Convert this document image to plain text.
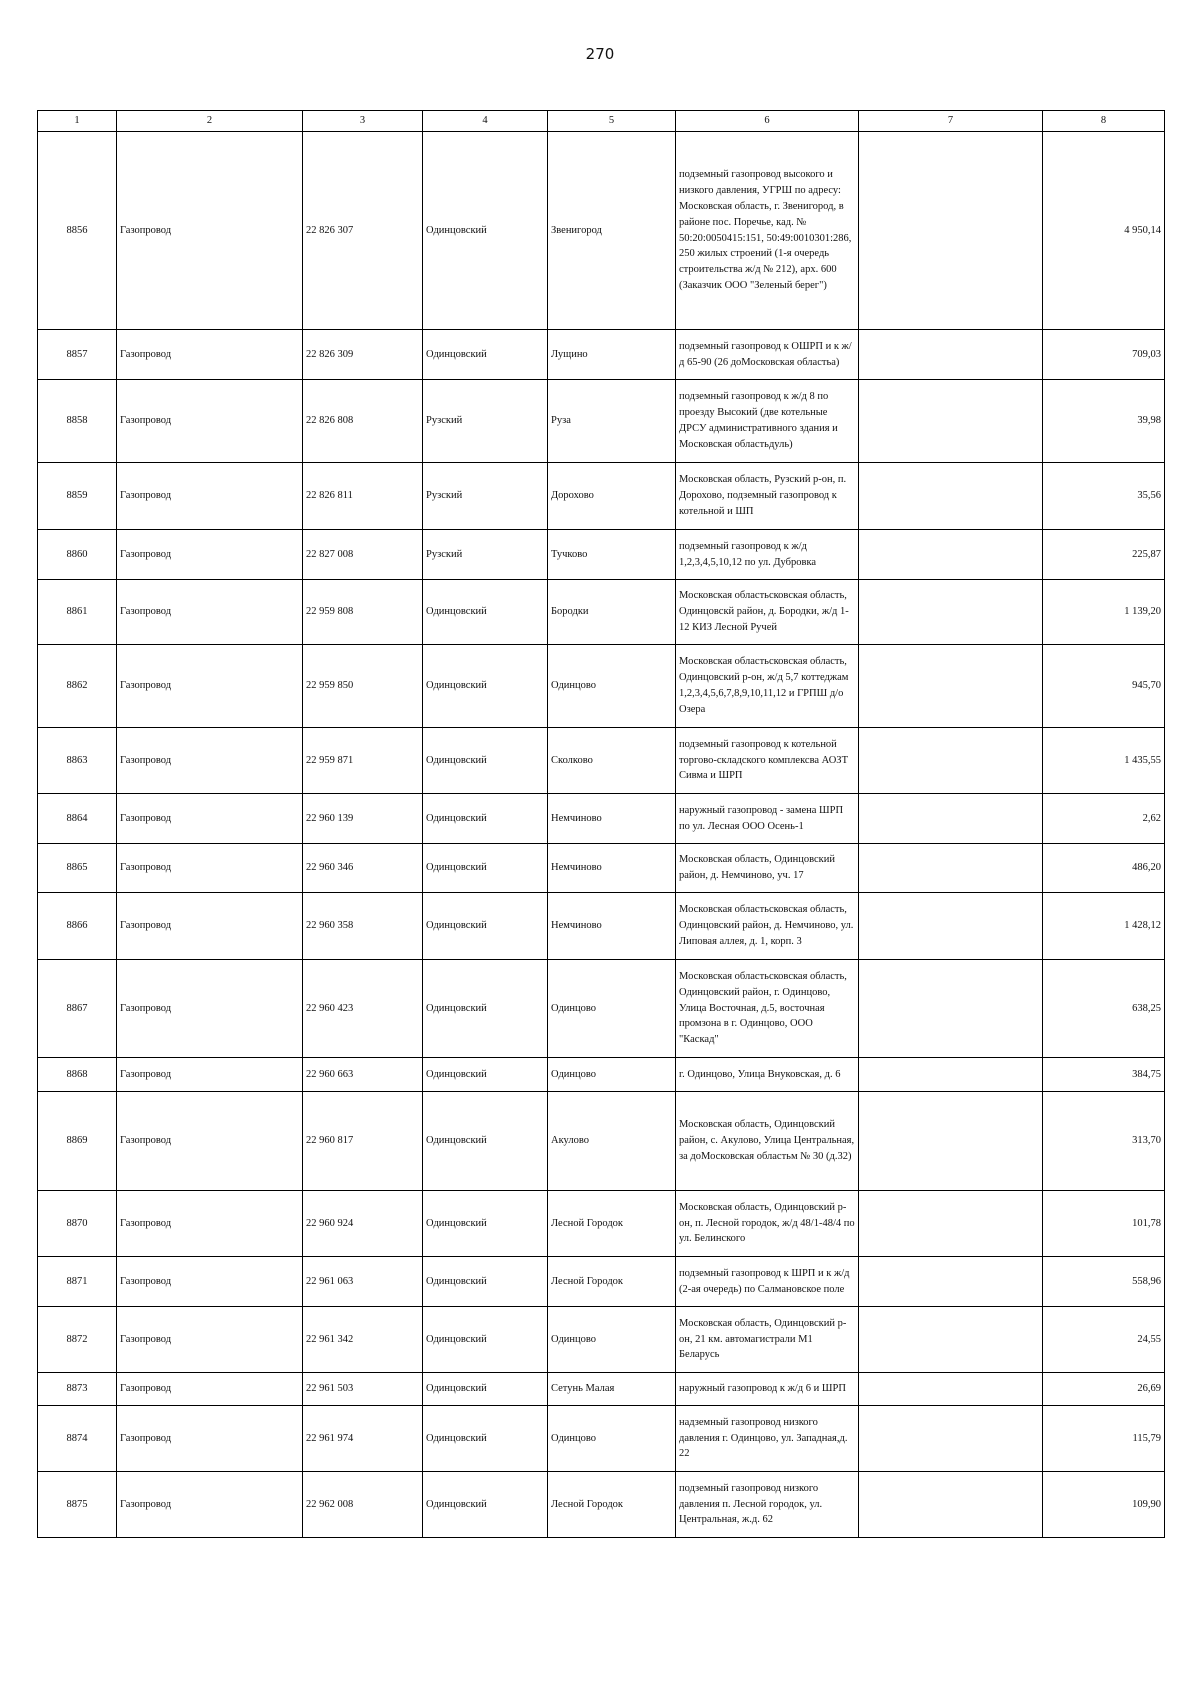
270
1	2	3	4	5	6	7	8
8856	Газопровод	22 826 307	Одинцовский	Звенигород	подземный газопровод высокого и низкого давления, УГРШ по адресу: Московская область, г. Звенигород, в районе пос. Поречье, кад. № 50:20:0050415:151, 50:49:0010301:286, 250 жилых строений (1-я очередь строительства ж/д № 212), арх. 600 (Заказчик ООО "Зеленый берег")		4 950,14
8857	Газопровод	22 826 309	Одинцовский	Лущино	подземный газопровод к ОШРП и к ж/д 65-90 (26 доМосковская областьа)		709,03
8858	Газопровод	22 826 808	Рузский	Руза	подземный газопровод к ж/д 8 по проезду Высокий (две котельные ДРСУ административного здания и Московская областьдуль)		39,98
8859	Газопровод	22 826 811	Рузский	Дорохово	Московская область, Рузский р-он, п. Дорохово, подземный газопровод к котельной и ШП		35,56
8860	Газопровод	22 827 008	Рузский	Тучково	подземный газопровод к ж/д 1,2,3,4,5,10,12 по ул. Дубровка		225,87
8861	Газопровод	22 959 808	Одинцовский	Бородки	Московская областьсковская область, Одинцовскй район, д. Бородки, ж/д 1-12 КИЗ Лесной Ручей		1 139,20
8862	Газопровод	22 959 850	Одинцовский	Одинцово	Московская областьсковская область, Одинцовский р-он, ж/д 5,7 коттеджам 1,2,3,4,5,6,7,8,9,10,11,12 и ГРПШ д/о Озера		945,70
8863	Газопровод	22 959 871	Одинцовский	Сколково	подземный газопровод к котельной торгово-складского комплексва АОЗТ Сивма и ШРП		1 435,55
8864	Газопровод	22 960 139	Одинцовский	Немчиново	наружный газопровод - замена ШРП по ул. Лесная ООО Осень-1		2,62
8865	Газопровод	22 960 346	Одинцовский	Немчиново	Московская область, Одинцовский район, д. Немчиново, уч. 17		486,20
8866	Газопровод	22 960 358	Одинцовский	Немчиново	Московская областьсковская область, Одинцовский район, д. Немчиново, ул. Липовая аллея, д. 1, корп. 3		1 428,12
8867	Газопровод	22 960 423	Одинцовский	Одинцово	Московская областьсковская область, Одинцовский район, г. Одинцово, Улица Восточная, д.5, восточная промзона в г. Одинцово, ООО "Каскад"		638,25
8868	Газопровод	22 960 663	Одинцовский	Одинцово	г. Одинцово, Улица Внуковская, д. 6		384,75
8869	Газопровод	22 960 817	Одинцовский	Акулово	Московская область, Одинцовский район, с. Акулово, Улица Центральная, за доМосковская областьм № 30 (д.32)		313,70
8870	Газопровод	22 960 924	Одинцовский	Лесной Городок	Московская область, Одинцовский р-он, п. Лесной городок, ж/д 48/1-48/4 по ул. Белинского		101,78
8871	Газопровод	22 961 063	Одинцовский	Лесной Городок	подземный газопровод к ШРП и к ж/д (2-ая очередь) по Салмановское поле		558,96
8872	Газопровод	22 961 342	Одинцовский	Одинцово	Московская область, Одинцовский р-он, 21 км. автомагистрали М1 Беларусь		24,55
8873	Газопровод	22 961 503	Одинцовский	Сетунь Малая	наружный газопровод к ж/д 6 и ШРП		26,69
8874	Газопровод	22 961 974	Одинцовский	Одинцово	надземный газопровод низкого давления г. Одинцово, ул. Западная,д. 22		115,79
8875	Газопровод	22 962 008	Одинцовский	Лесной Городок	подземный газопровод низкого давления п. Лесной городок, ул. Центральная, ж.д. 62		109,90
